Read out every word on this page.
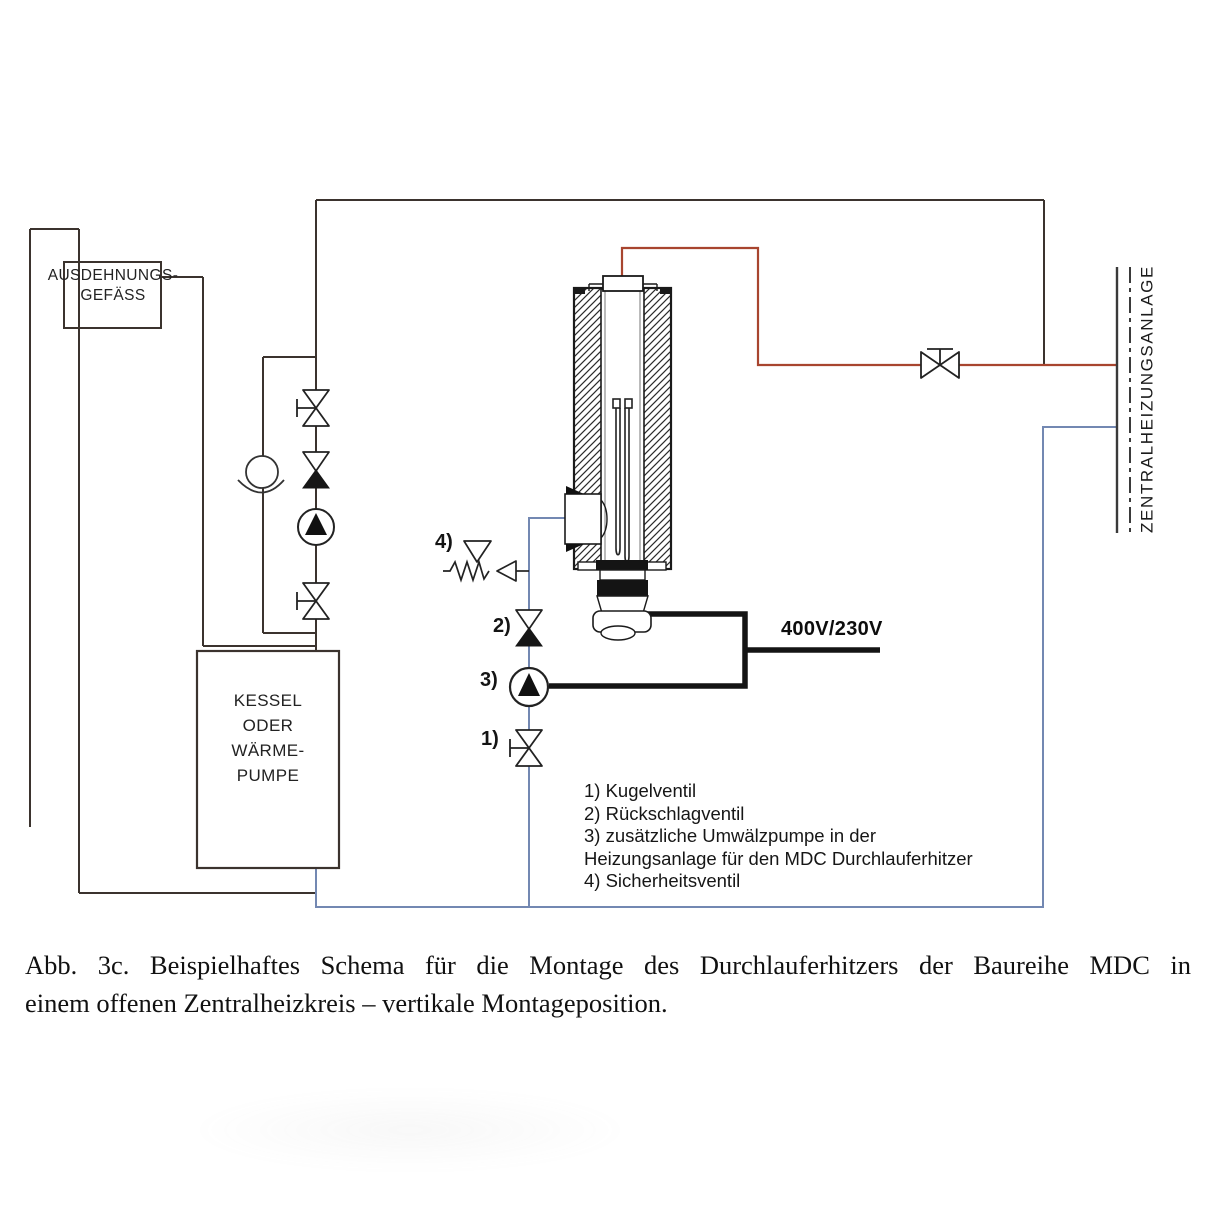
AUSDEHNUNGS-
GEFÄSS
KESSEL
ODER
WÄRME-
PUMPE
ZENTRALHEIZUNGSANLAGE
4)
2)
3)
1)
400V/230V
1) Kugelventil
2) Rückschlagventil
3) zusätzliche Umwälzpumpe in der
Heizungsanlage für den MDC Durchlauferhitzer
4) Sicherheitsventil
Abb. 3c. Beispielhaftes Schema für die Montage des Durchlauferhitzers der Baureihe MDC in
einem offenen Zentralheizkreis – vertikale Montageposition.
